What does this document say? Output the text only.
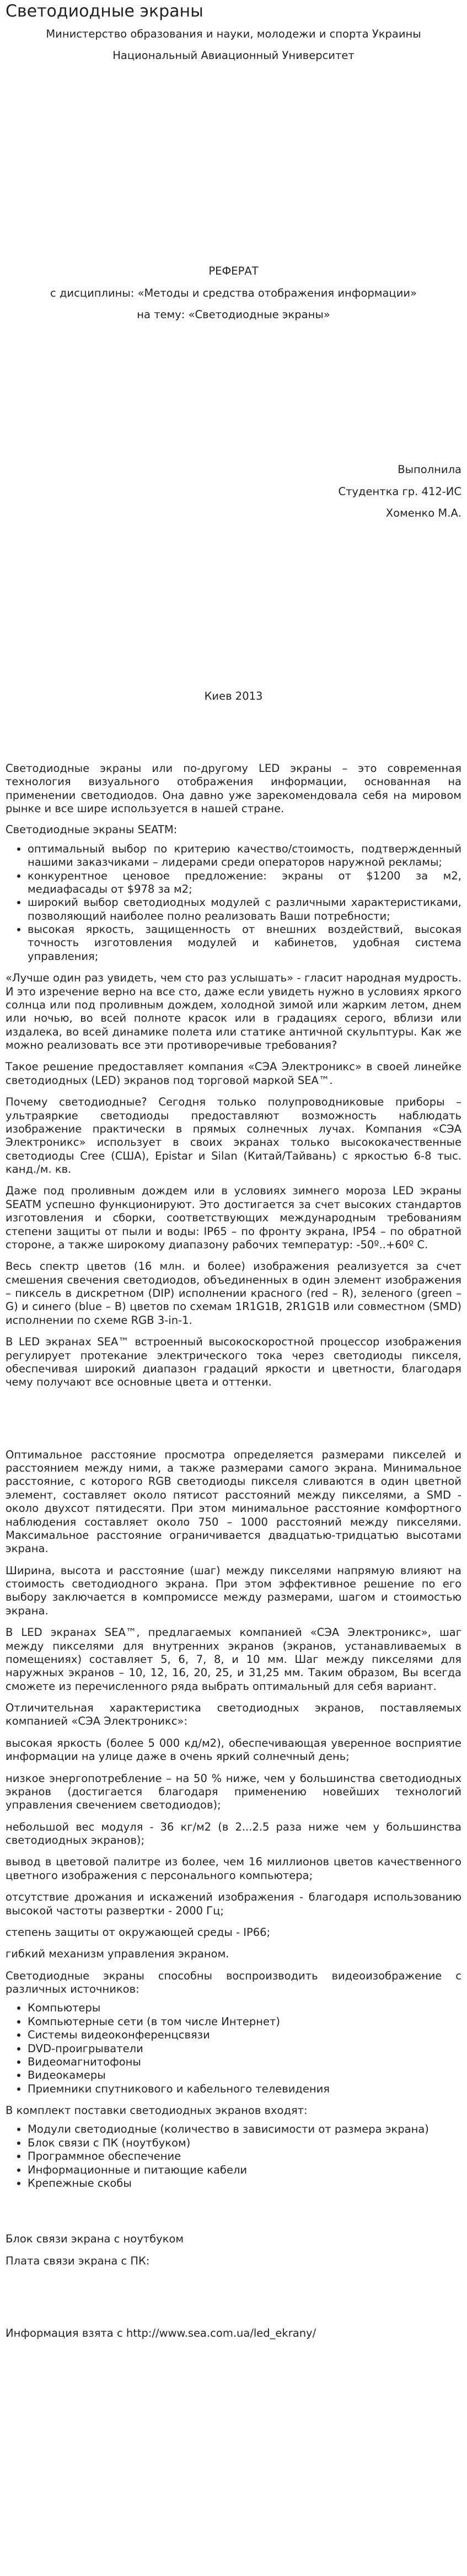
Светодиодные экраны

Министерство образования и науки, молодежи и спорта Украины

Национальный Авиационный Университет

РЕФЕРАТ

с дисциплины: «Методы и средства отображения информации»

на тему: «Светодиодные экраны»

Выполнила

Студентка гр. 412-ИС

Хоменко М.А.

Киев 2013

Светодиодные экраны или по-другому LED экраны – это современная технология визуального отображения информации, основанная на применении светодиодов. Она давно уже зарекомендовала себя на мировом рынке и все шире используется в нашей стране.

Светодиодные экраны SEATM:

• оптимальный выбор по критерию качество/стоимость, подтвержденный нашими заказчиками – лидерами среди операторов наружной рекламы;
• конкурентное ценовое предложение: экраны от $1200 за м2, медиафасады от $978 за м2;
• широкий выбор светодиодных модулей с различными характеристиками, позволяющий наиболее полно реализовать Ваши потребности;
• высокая яркость, защищенность от внешних воздействий, высокая точность изготовления модулей и кабинетов, удобная система управления;

«Лучше один раз увидеть, чем сто раз услышать» - гласит народная мудрость. И это изречение верно на все сто, даже если увидеть нужно в условиях яркого солнца или под проливным дождем, холодной зимой или жарким летом, днем или ночью, во всей полноте красок или в градациях серого, вблизи или издалека, во всей динамике полета или статике античной скульптуры. Как же можно реализовать все эти противоречивые требования?

Такое решение предоставляет компания «СЭА Электроникс» в своей линейке светодиодных (LED) экранов под торговой маркой SEA™.

Почему светодиодные? Сегодня только полупроводниковые приборы – ультраяркие светодиоды предоставляют возможность наблюдать изображение практически в прямых солнечных лучах. Компания «СЭА Электроникс» использует в своих экранах только высококачественные светодиоды Cree (США), Epistar и Silan (Китай/Тайвань) с яркостью 6-8 тыс. канд./м. кв.

Даже под проливным дождем или в условиях зимнего мороза LED экраны SEATM успешно функционируют. Это достигается за счет высоких стандартов изготовления и сборки, соответствующих международным требованиям степени защиты от пыли и воды: IP65 – по фронту экрана, IP54 – по обратной стороне, а также широкому диапазону рабочих температур: -50º..+60º С.

Весь спектр цветов (16 млн. и более) изображения реализуется за счет смешения свечения светодиодов, объединенных в один элемент изображения – пиксель в дискретном (DIP) исполнении красного (red – R), зеленого (green – G) и синего (blue – B) цветов по схемам 1R1G1B, 2R1G1B или совместном (SMD) исполнении по схеме RGB 3-in-1.

В LED экранах SEA™ встроенный высокоскоростной процессор изображения регулирует протекание электрического тока через светодиоды пикселя, обеспечивая широкий диапазон градаций яркости и цветности, благодаря чему получают все основные цвета и оттенки.

Оптимальное расстояние просмотра определяется размерами пикселей и расстоянием между ними, а также размерами самого экрана. Минимальное расстояние, с которого RGB светодиоды пикселя сливаются в один цветной элемент, составляет около пятисот расстояний между пикселями, а SMD - около двухсот пятидесяти. При этом минимальное расстояние комфортного наблюдения составляет около 750 – 1000 расстояний между пикселями. Максимальное расстояние ограничивается двадцатью-тридцатью высотами экрана.

Ширина, высота и расстояние (шаг) между пикселями напрямую влияют на стоимость светодиодного экрана. При этом эффективное решение по его выбору заключается в компромиссе между размерами, шагом и стоимостью экрана.

В LED экранах SEA™, предлагаемых компанией «СЭА Электроникс», шаг между пикселями для внутренних экранов (экранов, устанавливаемых в помещениях) составляет 5, 6, 7, 8, и 10 мм. Шаг между пикселями для наружных экранов – 10, 12, 16, 20, 25, и 31,25 мм. Таким образом, Вы всегда сможете из перечисленного ряда выбрать оптимальный для себя вариант.

Отличительная характеристика светодиодных экранов, поставляемых компанией «СЭА Электроникс»:

высокая яркость (более 5 000 кд/м2), обеспечивающая уверенное восприятие информации на улице даже в очень яркий солнечный день;

низкое энергопотребление – на 50 % ниже, чем у большинства светодиодных экранов (достигается благодаря применению новейших технологий управления свечением светодиодов);

небольшой вес модуля - 36 кг/м2 (в 2...2.5 раза ниже чем у большинства светодиодных экранов);

вывод в цветовой палитре из более, чем 16 миллионов цветов качественного цветного изображения с персонального компьютера;

отсутствие дрожания и искажений изображения - благодаря использованию высокой частоты развертки - 2000 Гц;

степень защиты от окружающей среды - IP66;

гибкий механизм управления экраном.

Светодиодные экраны способны воспроизводить видеоизображение с различных источников:

• Компьютеры
• Компьютерные сети (в том числе Интернет)
• Системы видеоконференцсвязи
• DVD-проигрыватели
• Видеомагнитофоны
• Видеокамеры
• Приемники спутникового и кабельного телевидения

В комплект поставки светодиодных экранов входят:

• Модули светодиодные (количество в зависимости от размера экрана)
• Блок связи с ПК (ноутбуком)
• Программное обеспечение
• Информационные и питающие кабели
• Крепежные скобы

Блок связи экрана с ноутбуком

Плата связи экрана с ПК:

Информация взята с http://www.sea.com.ua/led_ekrany/
